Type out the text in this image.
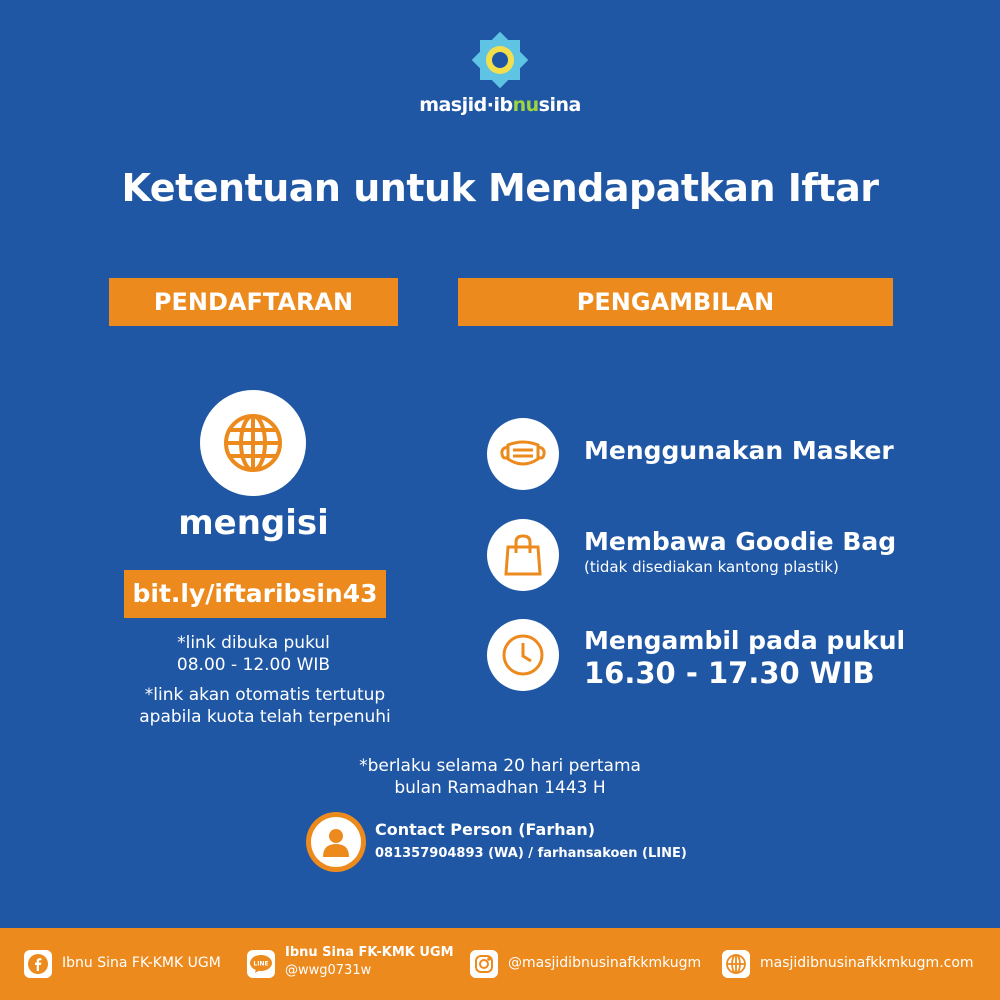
masjid·ibnusina
Ketentuan untuk Mendapatkan Iftar
PENDAFTARAN	PENGAMBILAN
mengisi
bit.ly/iftaribsin43
*link dibuka pukul
08.00 - 12.00 WIB
*link akan otomatis tertutup
apabila kuota telah terpenuhi
Menggunakan Masker
Membawa Goodie Bag
(tidak disediakan kantong plastik)
Mengambil pada pukul
16.30 - 17.30 WIB
*berlaku selama 20 hari pertama
bulan Ramadhan 1443 H
Contact Person (Farhan)
081357904893 (WA) / farhansakoen (LINE)
Ibnu Sina FK-KMK UGM	LINE
Ibnu Sina FK-KMK UGM
@wwg0731w	@masjidibnusinafkkmkugm	masjidibnusinafkkmkugm.com
